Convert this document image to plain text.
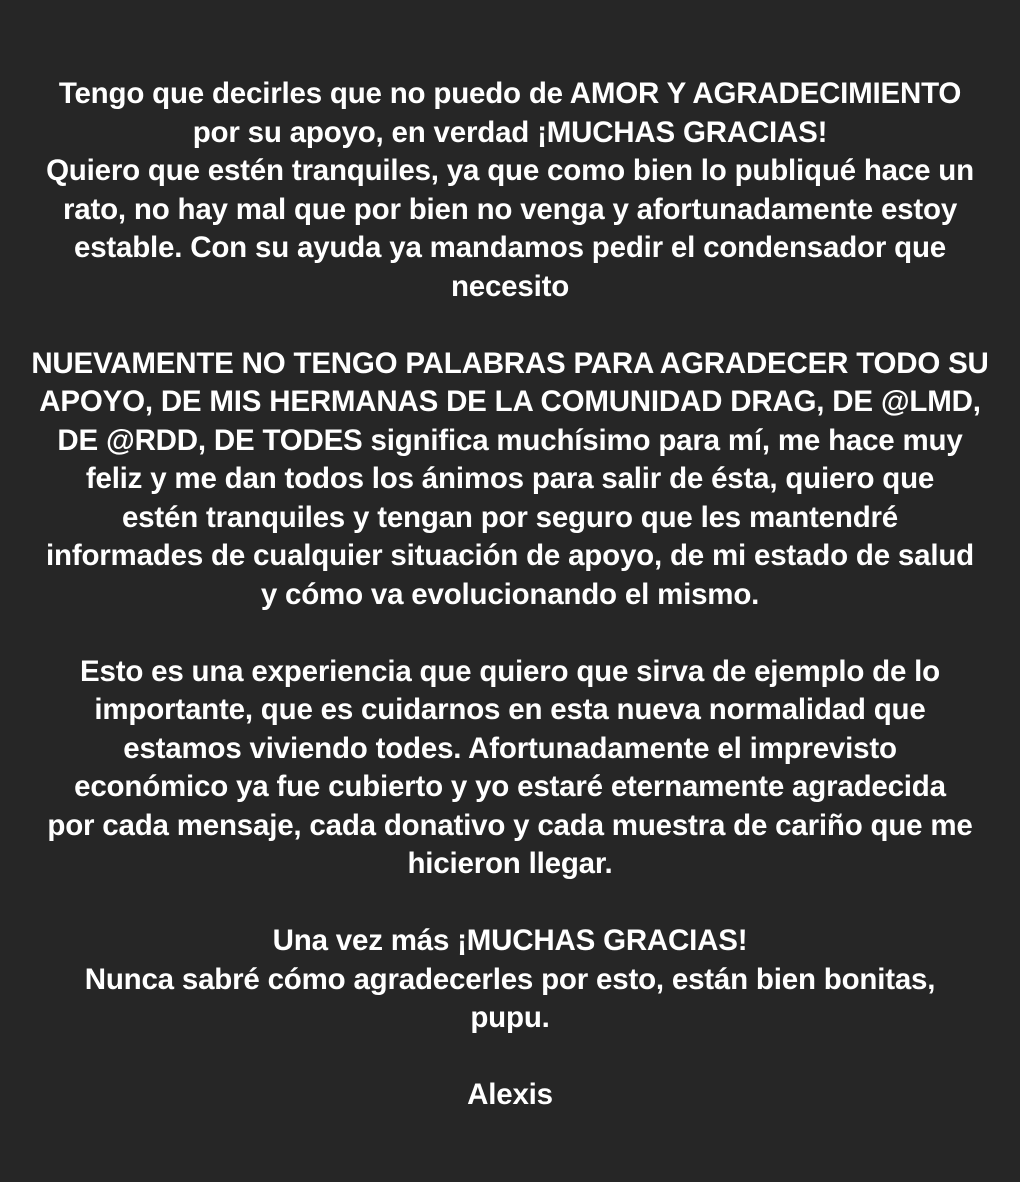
Tengo que decirles que no puedo de AMOR Y AGRADECIMIENTO
por su apoyo, en verdad ¡MUCHAS GRACIAS!
Quiero que estén tranquiles, ya que como bien lo publiqué hace un
rato, no hay mal que por bien no venga y afortunadamente estoy
estable. Con su ayuda ya mandamos pedir el condensador que
necesito
NUEVAMENTE NO TENGO PALABRAS PARA AGRADECER TODO SU
APOYO, DE MIS HERMANAS DE LA COMUNIDAD DRAG, DE @LMD,
DE @RDD, DE TODES significa muchísimo para mí, me hace muy
feliz y me dan todos los ánimos para salir de ésta, quiero que
estén tranquiles y tengan por seguro que les mantendré
informades de cualquier situación de apoyo, de mi estado de salud
y cómo va evolucionando el mismo.
Esto es una experiencia que quiero que sirva de ejemplo de lo
importante, que es cuidarnos en esta nueva normalidad que
estamos viviendo todes. Afortunadamente el imprevisto
económico ya fue cubierto y yo estaré eternamente agradecida
por cada mensaje, cada donativo y cada muestra de cariño que me
hicieron llegar.
Una vez más ¡MUCHAS GRACIAS!
Nunca sabré cómo agradecerles por esto, están bien bonitas,
pupu.
Alexis
